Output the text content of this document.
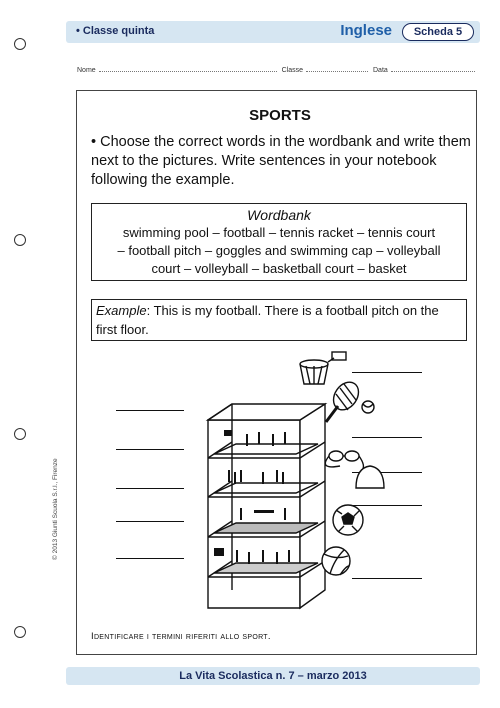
• Classe quinta	Inglese	Scheda 5
Nome	Classe	Data
SPORTS
• Choose the correct words in the wordbank and write them next to the pictures. Write sentences in your notebook following the example.
Wordbank
swimming pool – football – tennis racket – tennis court
– football pitch – goggles and swimming cap – volleyball
court – volleyball – basketball court – basket
Example: This is my football. There is a football pitch on the first floor.
Identificare i termini riferiti allo sport.
© 2013 Giunti Scuola S.r.l., Firenze
La Vita Scolastica n. 7 – marzo 2013
